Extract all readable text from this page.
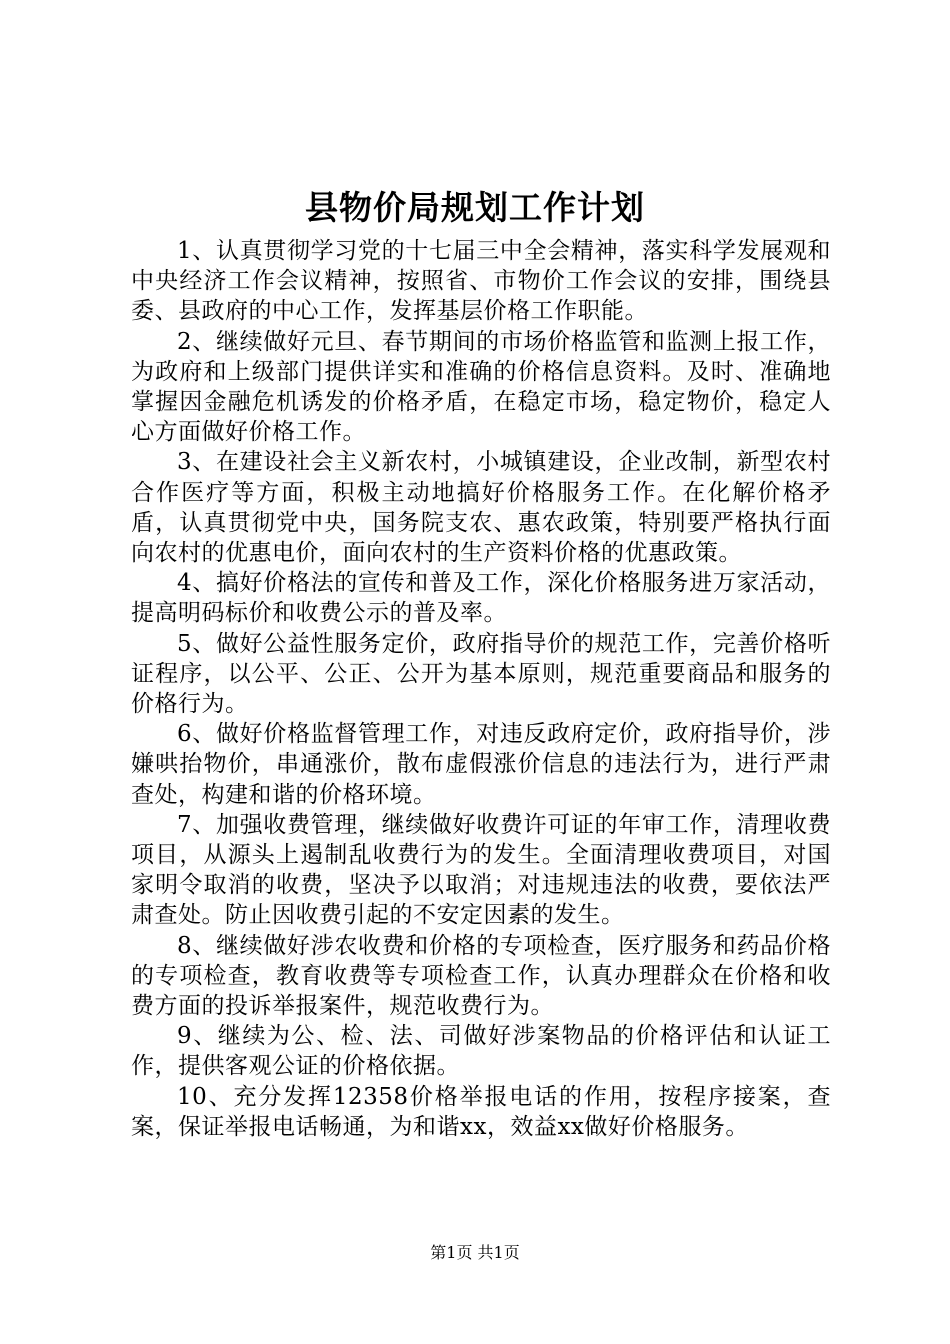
县物价局规划工作计划

1、认真贯彻学习党的十七届三中全会精神，落实科学发展观和中央经济工作会议精神，按照省、市物价工作会议的安排，围绕县委、县政府的中心工作，发挥基层价格工作职能。

2、继续做好元旦、春节期间的市场价格监管和监测上报工作，为政府和上级部门提供详实和准确的价格信息资料。及时、准确地掌握因金融危机诱发的价格矛盾，在稳定市场，稳定物价，稳定人心方面做好价格工作。

3、在建设社会主义新农村，小城镇建设，企业改制，新型农村合作医疗等方面，积极主动地搞好价格服务工作。在化解价格矛盾，认真贯彻党中央，国务院支农、惠农政策，特别要严格执行面向农村的优惠电价，面向农村的生产资料价格的优惠政策。

4、搞好价格法的宣传和普及工作，深化价格服务进万家活动，提高明码标价和收费公示的普及率。

5、做好公益性服务定价，政府指导价的规范工作，完善价格听证程序，以公平、公正、公开为基本原则，规范重要商品和服务的价格行为。

6、做好价格监督管理工作，对违反政府定价，政府指导价，涉嫌哄抬物价，串通涨价，散布虚假涨价信息的违法行为，进行严肃查处，构建和谐的价格环境。

7、加强收费管理，继续做好收费许可证的年审工作，清理收费项目，从源头上遏制乱收费行为的发生。全面清理收费项目，对国家明令取消的收费，坚决予以取消；对违规违法的收费，要依法严肃查处。防止因收费引起的不安定因素的发生。

8、继续做好涉农收费和价格的专项检查，医疗服务和药品价格的专项检查，教育收费等专项检查工作，认真办理群众在价格和收费方面的投诉举报案件，规范收费行为。

9、继续为公、检、法、司做好涉案物品的价格评估和认证工作，提供客观公证的价格依据。

10、充分发挥12358价格举报电话的作用，按程序接案，查案，保证举报电话畅通，为和谐xx，效益xx做好价格服务。

第1页 共1页
